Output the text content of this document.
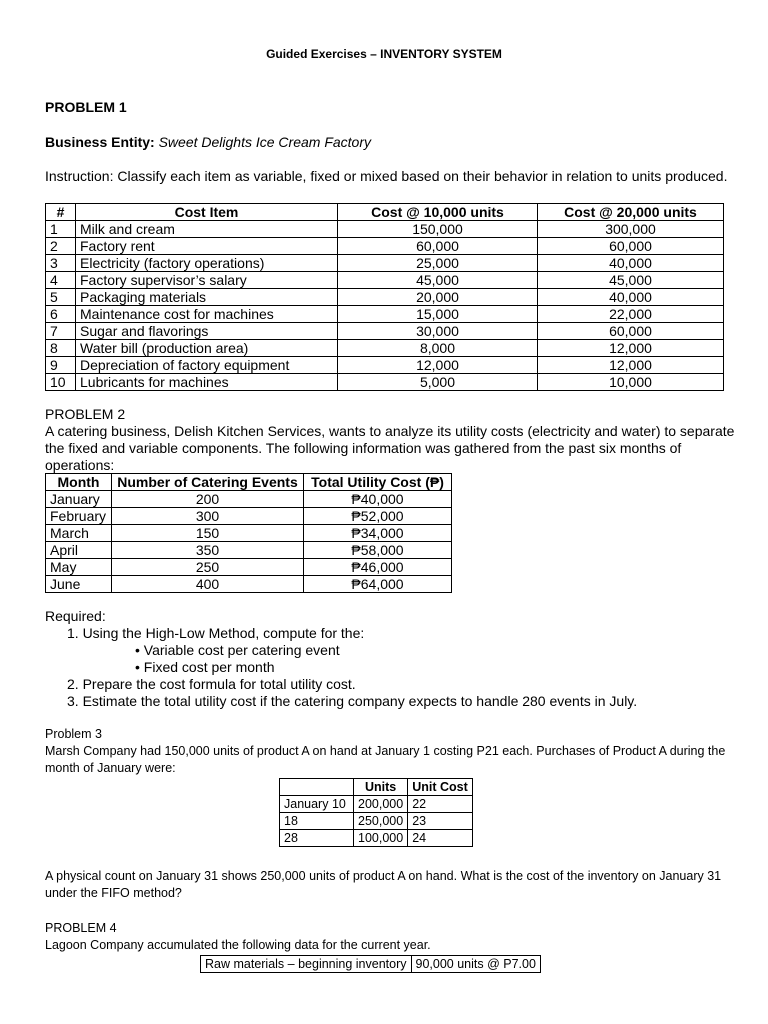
Guided Exercises – INVENTORY SYSTEM
PROBLEM 1
Business Entity: Sweet Delights Ice Cream Factory
Instruction: Classify each item as variable, fixed or mixed based on their behavior in relation to units produced.
#	Cost Item	Cost @ 10,000 units	Cost @ 20,000 units
1	Milk and cream	150,000	300,000
2	Factory rent	60,000	60,000
3	Electricity (factory operations)	25,000	40,000
4	Factory supervisor’s salary	45,000	45,000
5	Packaging materials	20,000	40,000
6	Maintenance cost for machines	15,000	22,000
7	Sugar and flavorings	30,000	60,000
8	Water bill (production area)	8,000	12,000
9	Depreciation of factory equipment	12,000	12,000
10	Lubricants for machines	5,000	10,000
PROBLEM 2
A catering business, Delish Kitchen Services, wants to analyze its utility costs (electricity and water) to separate the fixed and variable components. The following information was gathered from the past six months of operations:
Month	Number of Catering Events	Total Utility Cost (₱)
January	200	₱40,000
February	300	₱52,000
March	150	₱34,000
April	350	₱58,000
May	250	₱46,000
June	400	₱64,000
Required:
1. Using the High-Low Method, compute for the:
• Variable cost per catering event
• Fixed cost per month
2. Prepare the cost formula for total utility cost.
3. Estimate the total utility cost if the catering company expects to handle 280 events in July.
Problem 3
Marsh Company had 150,000 units of product A on hand at January 1 costing P21 each. Purchases of Product A during the month of January were:
	Units	Unit Cost
January 10	200,000	22
18	250,000	23
28	100,000	24
A physical count on January 31 shows 250,000 units of product A on hand. What is the cost of the inventory on January 31 under the FIFO method?
PROBLEM 4
Lagoon Company accumulated the following data for the current year.
Raw materials – beginning inventory	90,000 units @ P7.00
